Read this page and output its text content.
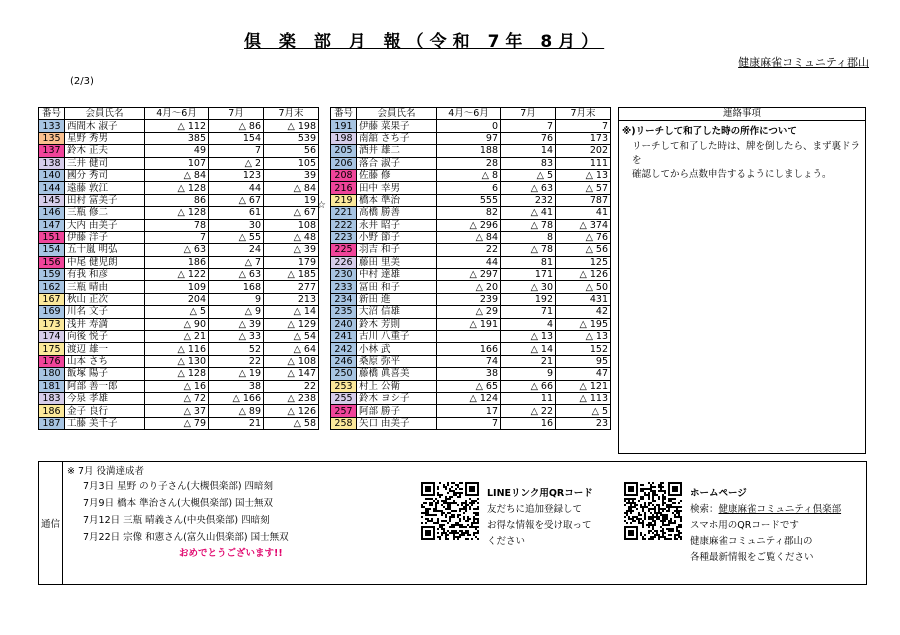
倶 楽 部 月 報（令和 7年 8月）
健康麻雀コミュニティ郡山
(2/3)
番号	会員氏名	4月～6月	7月	7月末
133	西間木 淑子	△ 112	△ 86	△ 198
135	星野 秀男	385	154	539
137	鈴木 正夫	49	7	56
138	三井 健司	107	△ 2	105
140	國分 秀司	△ 84	123	39
144	遠藤 敦江	△ 128	44	△ 84
145	田村 富美子	86	△ 67	19
146	三瓶 修二	△ 128	61	△ 67
147	大内 由美子	78	30	108
151	伊藤 洋子	7	△ 55	△ 48
154	五十嵐 明弘	△ 63	24	△ 39
156	中尾 健児朗	186	△ 7	179
159	有我 和彦	△ 122	△ 63	△ 185
162	三瓶 晴由	109	168	277
167	秋山 正次	204	9	213
169	川名 文子	△ 5	△ 9	△ 14
173	浅井 寿満	△ 90	△ 39	△ 129
174	向後 悦子	△ 21	△ 33	△ 54
175	渡辺 雄一	△ 116	52	△ 64
176	山本 さち	△ 130	22	△ 108
180	飯塚 陽子	△ 128	△ 19	△ 147
181	阿部 善一郎	△ 16	38	22
183	今泉 孝雄	△ 72	△ 166	△ 238
186	金子 良行	△ 37	△ 89	△ 126
187	工藤 美千子	△ 79	21	△ 58
番号	会員氏名	4月～6月	7月	7月末
191	伊藤 菜果子	0	7	7
198	南舘 さち子	97	76	173
205	酒井 雄二	188	14	202
206	落合 淑子	28	83	111
208	佐藤 修	△ 8	△ 5	△ 13
216	田中 幸男	6	△ 63	△ 57
219	橋本 準治	555	232	787
221	高橋 勝善	82	△ 41	41
222	永井 昭子	△ 296	△ 78	△ 374
223	小野 節子	△ 84	8	△ 76
225	羽吉 和子	22	△ 78	△ 56
226	藤田 里美	44	81	125
230	中村 達雄	△ 297	171	△ 126
233	冨田 和子	△ 20	△ 30	△ 50
234	新田 進	239	192	431
235	大沼 信雄	△ 29	71	42
240	鈴木 芳則	△ 191	4	△ 195
241	古川 八重子		△ 13	△ 13
242	小林 武	166	△ 14	152
246	桑原 弥平	74	21	95
250	藤橋 眞喜美	38	9	47
253	村上 公衛	△ 65	△ 66	△ 121
255	鈴木 ヨシ子	△ 124	11	△ 113
257	阿部 勝子	17	△ 22	△ 5
258	矢口 由美子	7	16	23
☆
連絡事項
※)リーチして和了した時の所作について
リーチして和了した時は、牌を倒したら、まず裏ドラを
確認してから点数申告するようにしましょう。
通信
※ 7月 役満達成者
7月3日 星野 のり子さん(大槻倶楽部) 四暗刻
7月9日 橋本 準治さん(大槻倶楽部) 国士無双
7月12日 三瓶 晴義さん(中央倶楽部) 四暗刻
7月22日 宗像 和憲さん(富久山倶楽部) 国士無双
おめでとうございます!!
LINEリンク用QRコード
友だちに追加登録して
お得な情報を受け取って
ください
ホームページ
検索：健康麻雀コミュニティ倶楽部
スマホ用のQRコードです
健康麻雀コミュニティ郡山の
各種最新情報をご覧ください
